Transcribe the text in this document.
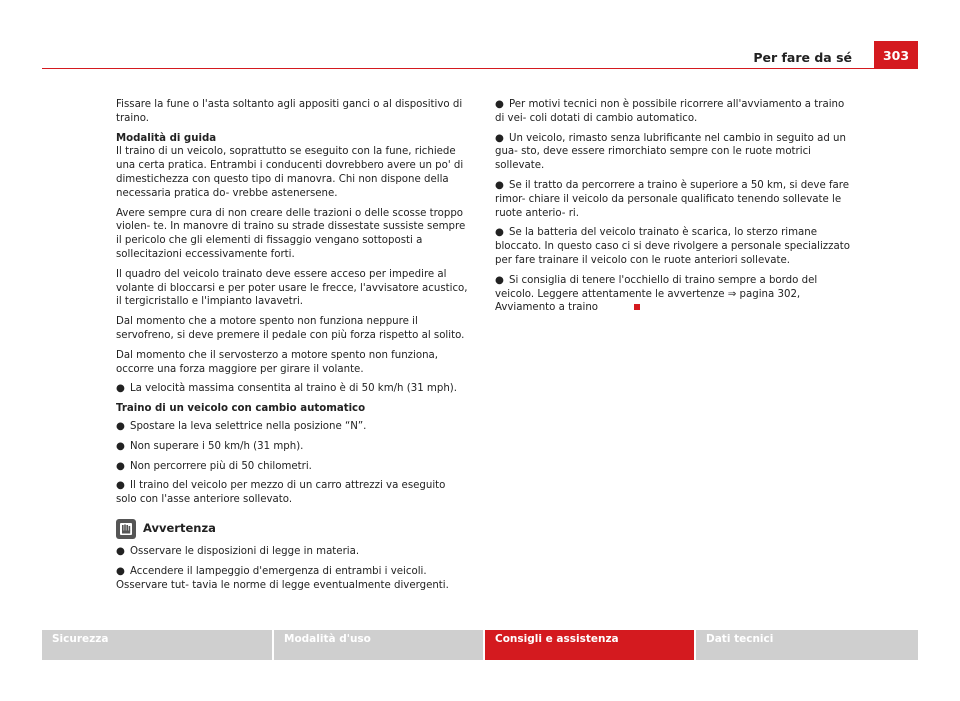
Per fare da sé	303

Fissare la fune o l'asta soltanto agli appositi ganci o al dispositivo di traino.

Modalità di guida

Il traino di un veicolo, soprattutto se eseguito con la fune, richiede una certa pratica. Entrambi i conducenti dovrebbero avere un po' di dimestichezza con questo tipo di manovra. Chi non dispone della necessaria pratica do- vrebbe astenersene.

Avere sempre cura di non creare delle trazioni o delle scosse troppo violen- te. In manovre di traino su strade dissestate sussiste sempre il pericolo che gli elementi di fissaggio vengano sottoposti a sollecitazioni eccessivamente forti.

Il quadro del veicolo trainato deve essere acceso per impedire al volante di bloccarsi e per poter usare le frecce, l'avvisatore acustico, il tergicristallo e l'impianto lavavetri.

Dal momento che a motore spento non funziona neppure il servofreno, si deve premere il pedale con più forza rispetto al solito.

Dal momento che il servosterzo a motore spento non funziona, occorre una forza maggiore per girare il volante.

● La velocità massima consentita al traino è di 50 km/h (31 mph).

Traino di un veicolo con cambio automatico

● Spostare la leva selettrice nella posizione “N”.

● Non superare i 50 km/h (31 mph).

● Non percorrere più di 50 chilometri.

● Il traino del veicolo per mezzo di un carro attrezzi va eseguito solo con l'asse anteriore sollevato.

Avvertenza

● Osservare le disposizioni di legge in materia.

● Accendere il lampeggio d'emergenza di entrambi i veicoli. Osservare tut- tavia le norme di legge eventualmente divergenti.

● Per motivi tecnici non è possibile ricorrere all'avviamento a traino di vei- coli dotati di cambio automatico.

● Un veicolo, rimasto senza lubrificante nel cambio in seguito ad un gua- sto, deve essere rimorchiato sempre con le ruote motrici sollevate.

● Se il tratto da percorrere a traino è superiore a 50 km, si deve fare rimor- chiare il veicolo da personale qualificato tenendo sollevate le ruote anterio- ri.

● Se la batteria del veicolo trainato è scarica, lo sterzo rimane bloccato. In questo caso ci si deve rivolgere a personale specializzato per fare trainare il veicolo con le ruote anteriori sollevate.

● Si consiglia di tenere l'occhiello di traino sempre a bordo del veicolo. Leggere attentamente le avvertenze ⇒ pagina 302, Avviamento a traino

Sicurezza	Modalità d'uso	Consigli e assistenza	Dati tecnici
